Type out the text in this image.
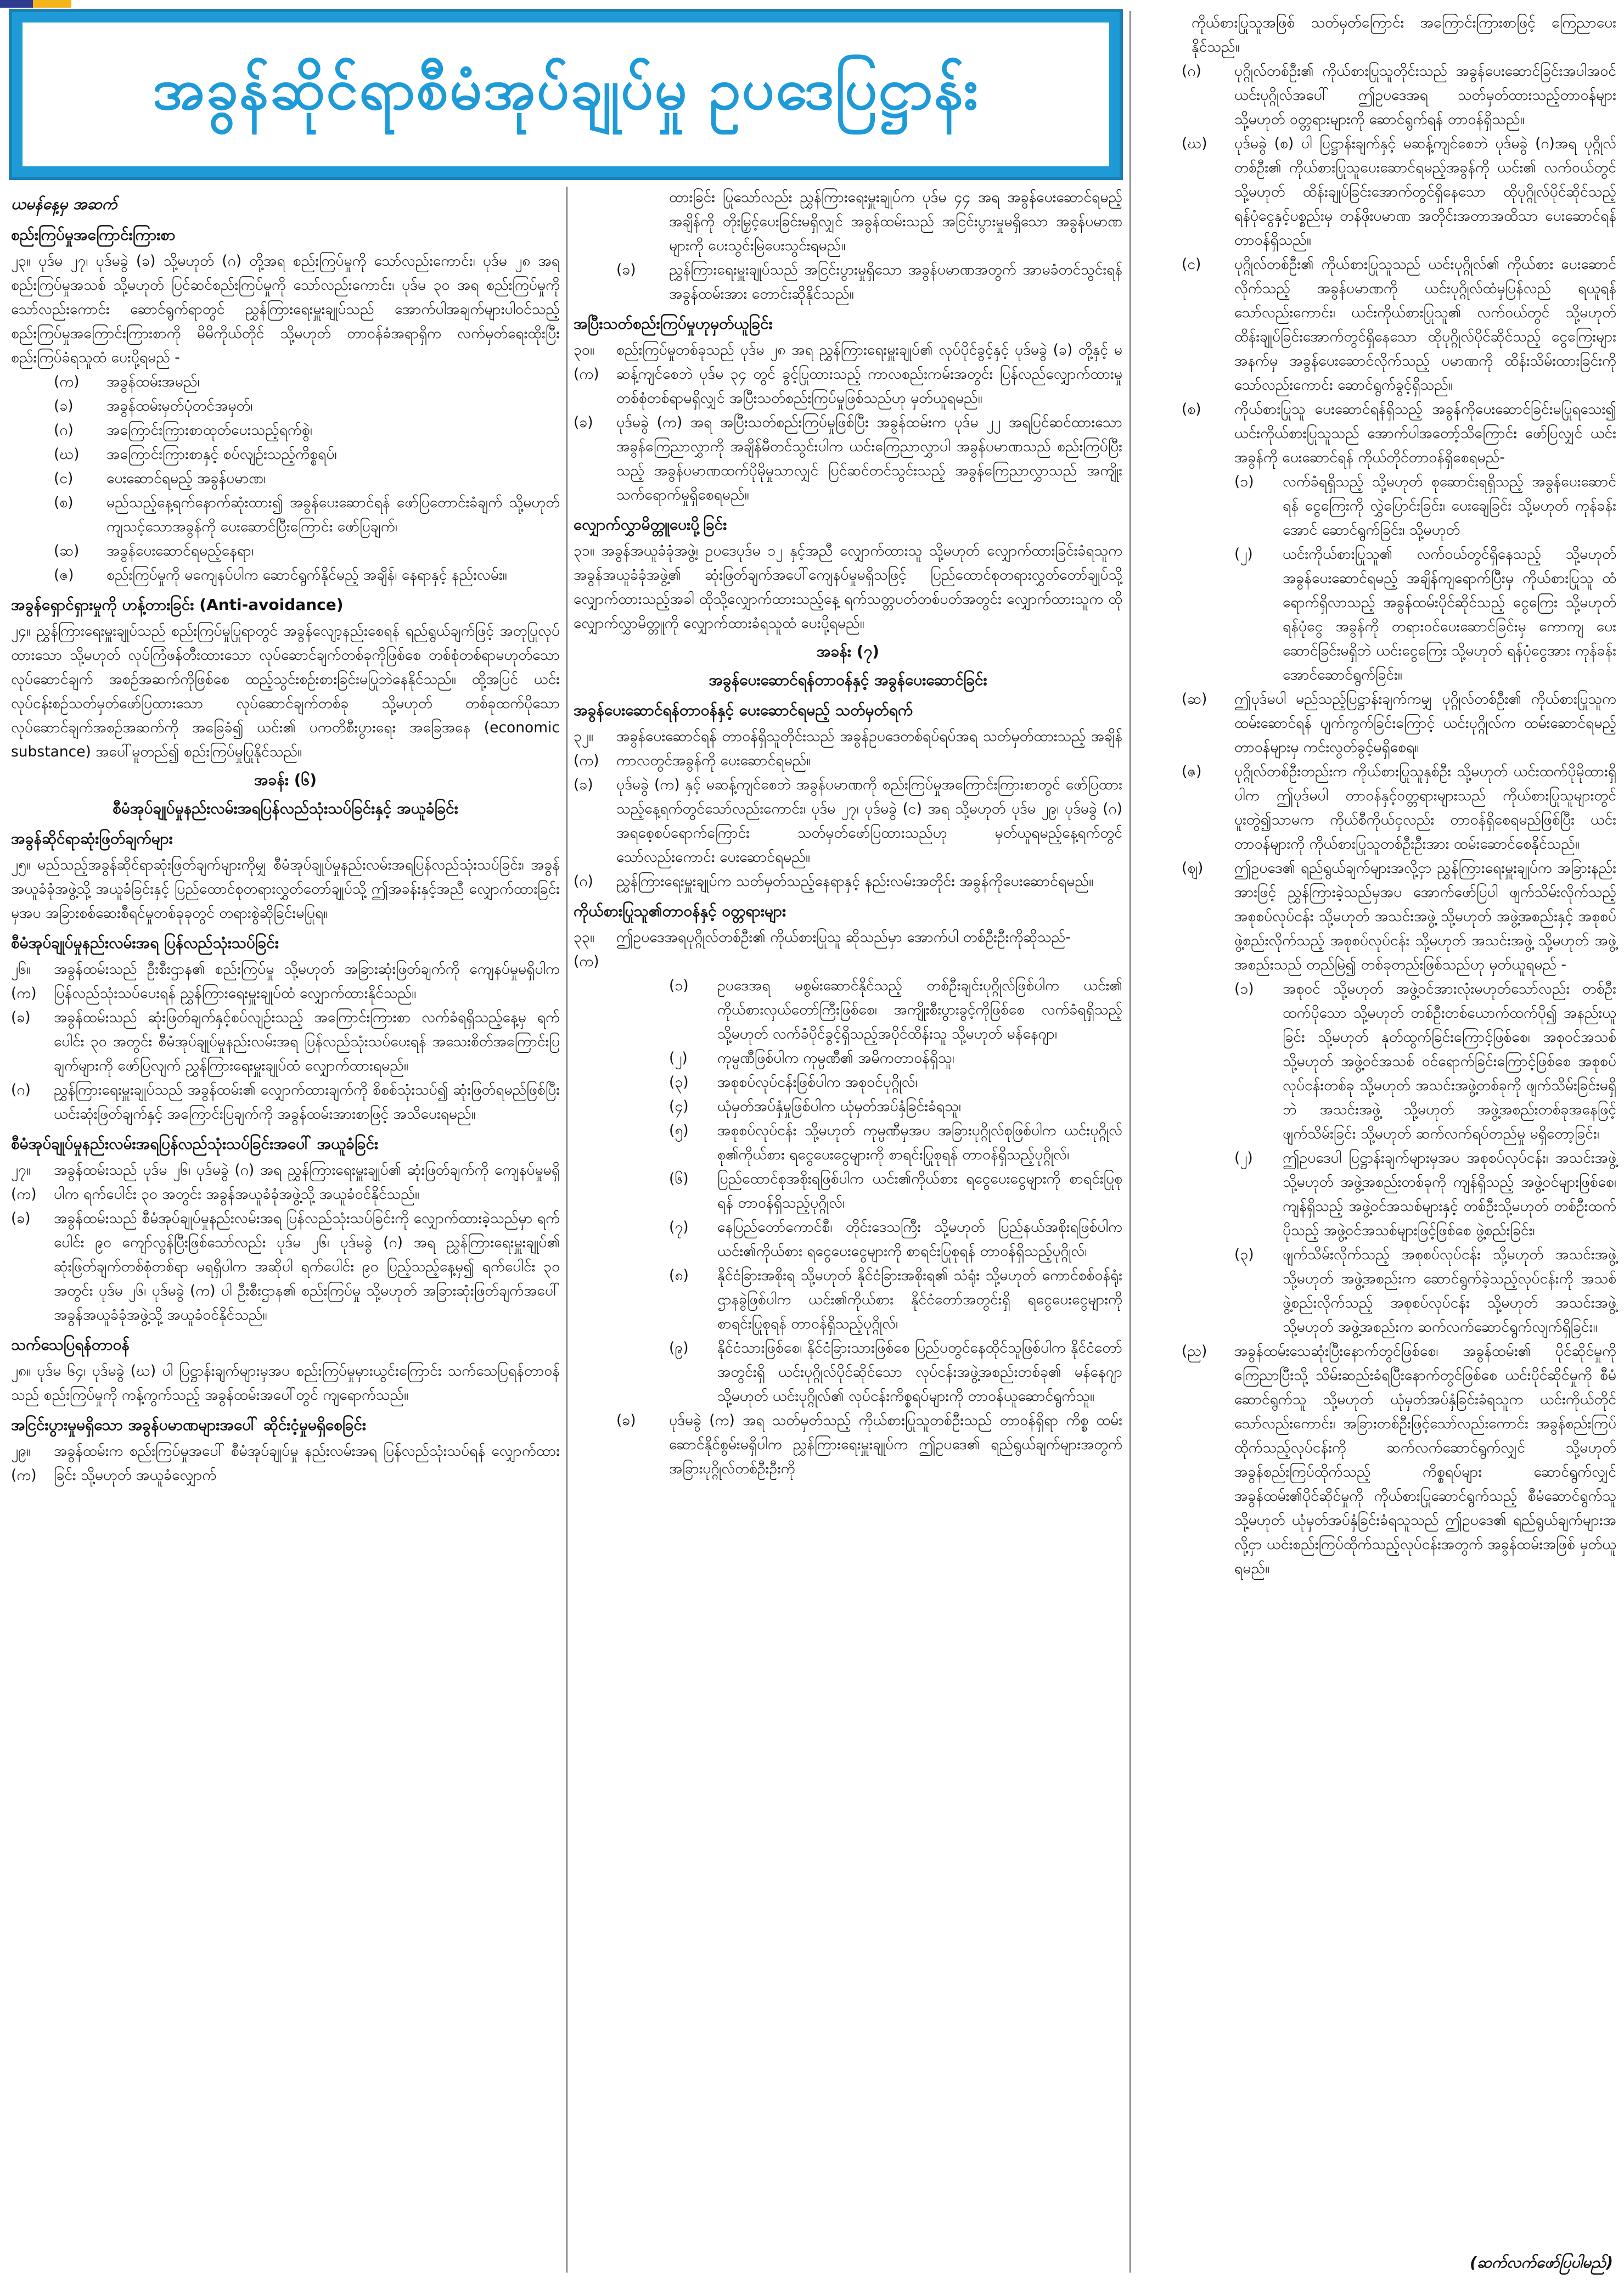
အခွန်ဆိုင်ရာစီမံအုပ်ချုပ်မှု ဥပဒေပြဋ္ဌာန်း

ယမန်နေ့မှ အဆက်

စည်းကြပ်မှုအကြောင်းကြားစာ

၂၃။ ပုဒ်မ ၂၇၊ ပုဒ်မခွဲ (ခ) သို့မဟုတ် (ဂ) တို့အရ စည်းကြပ်မှုကို သော်လည်းကောင်း၊ ပုဒ်မ ၂၈ အရ စည်းကြပ်မှုအသစ် သို့မဟုတ် ပြင်ဆင်စည်းကြပ်မှုကို သော်လည်းကောင်း၊ ပုဒ်မ ၃၀ အရ စည်းကြပ်မှုကိုသော်လည်းကောင်း ဆောင်ရွက်ရာတွင် ညွှန်ကြားရေးမှူးချုပ်သည် အောက်ပါအချက်များပါဝင်သည့် စည်းကြပ်မှုအကြောင်းကြားစာကို မိမိကိုယ်တိုင် သို့မဟုတ် တာဝန်ခံအရာရှိက လက်မှတ်ရေးထိုးပြီး စည်းကြပ်ခံရသူထံ ပေးပို့ရမည် -

(က)	အခွန်ထမ်းအမည်၊
(ခ)	အခွန်ထမ်းမှတ်ပုံတင်အမှတ်၊
(ဂ)	အကြောင်းကြားစာထုတ်ပေးသည့်ရက်စွဲ၊
(ဃ)	အကြောင်းကြားစာနှင့် စပ်လျဉ်းသည့်ကိစ္စရပ်၊
(င)	ပေးဆောင်ရမည့် အခွန်ပမာဏ၊
(စ)	မည်သည့်နေ့ရက်နောက်ဆုံးထား၍ အခွန်ပေးဆောင်ရန် ဖော်ပြတောင်းခံချက် သို့မဟုတ် ကျသင့်သောအခွန်ကို ပေးဆောင်ပြီးကြောင်း ဖော်ပြချက်၊
(ဆ)	အခွန်ပေးဆောင်ရမည့်နေရာ၊
(ဇ)	စည်းကြပ်မှုကို မကျေနပ်ပါက ဆောင်ရွက်နိုင်မည့် အချိန်၊ နေရာနှင့် နည်းလမ်း။

အခွန်ရှောင်ရှားမှုကို ဟန့်တားခြင်း (Anti-avoidance)

၂၄။ ညွှန်ကြားရေးမှူးချုပ်သည် စည်းကြပ်မှုပြုရာတွင် အခွန်လျော့နည်းစေရန် ရည်ရွယ်ချက်ဖြင့် အတုပြုလုပ်ထားသော သို့မဟုတ် လုပ်ကြံဖန်တီးထားသော လုပ်ဆောင်ချက်တစ်ခုကိုဖြစ်စေ တစ်စုံတစ်ရာမဟုတ်သော လုပ်ဆောင်ချက် အစဉ်အဆက်ကိုဖြစ်စေ ထည့်သွင်းစဉ်းစားခြင်းမပြုဘဲနေနိုင်သည်။ ထို့အပြင် ယင်းလုပ်ငန်းစဉ်သတ်မှတ်ဖော်ပြထားသော လုပ်ဆောင်ချက်တစ်ခု သို့မဟုတ် တစ်ခုထက်ပိုသော လုပ်ဆောင်ချက်အစဉ်အဆက်ကို အခြေခံ၍ ယင်း၏ ပကတိစီးပွားရေး အခြေအနေ (economic substance) အပေါ်မူတည်၍ စည်းကြပ်မှုပြုနိုင်သည်။

အခန်း (၆)

စီမံအုပ်ချုပ်မှုနည်းလမ်းအရပြန်လည်သုံးသပ်ခြင်းနှင့် အယူခံခြင်း

အခွန်ဆိုင်ရာဆုံးဖြတ်ချက်များ

၂၅။ မည်သည့်အခွန်ဆိုင်ရာဆုံးဖြတ်ချက်များကိုမျှ စီမံအုပ်ချုပ်မှုနည်းလမ်းအရပြန်လည်သုံးသပ်ခြင်း၊ အခွန်အယူခံခုံအဖွဲ့သို့ အယူခံခြင်းနှင့် ပြည်ထောင်စုတရားလွှတ်တော်ချုပ်သို့ ဤအခန်းနှင့်အညီ လျှောက်ထားခြင်းမှအပ အခြားစစ်ဆေးစီရင်မှုတစ်ခုခုတွင် တရားစွဲဆိုခြင်းမပြုရ။

စီမံအုပ်ချုပ်မှုနည်းလမ်းအရ ပြန်လည်သုံးသပ်ခြင်း

၂၆။ (က)
အခွန်ထမ်းသည် ဦးစီးဌာန၏ စည်းကြပ်မှု သို့မဟုတ် အခြားဆုံးဖြတ်ချက်ကို ကျေနပ်မှုမရှိပါက ပြန်လည်သုံးသပ်ပေးရန် ညွှန်ကြားရေးမှူးချုပ်ထံ လျှောက်ထားနိုင်သည်။
(ခ)	အခွန်ထမ်းသည် ဆုံးဖြတ်ချက်နှင့်စပ်လျဉ်းသည့် အကြောင်းကြားစာ လက်ခံရရှိသည့်နေ့မှ ရက်ပေါင်း ၃၀ အတွင်း စီမံအုပ်ချုပ်မှုနည်းလမ်းအရ ပြန်လည်သုံးသပ်ပေးရန် အသေးစိတ်အကြောင်းပြချက်များကို ဖော်ပြလျက် ညွှန်ကြားရေးမှူးချုပ်ထံ လျှောက်ထားရမည်။
(ဂ)	ညွှန်ကြားရေးမှူးချုပ်သည် အခွန်ထမ်း၏ လျှောက်ထားချက်ကို စိစစ်သုံးသပ်၍ ဆုံးဖြတ်ရမည်ဖြစ်ပြီး ယင်းဆုံးဖြတ်ချက်နှင့် အကြောင်းပြချက်ကို အခွန်ထမ်းအားစာဖြင့် အသိပေးရမည်။

စီမံအုပ်ချုပ်မှုနည်းလမ်းအရပြန်လည်သုံးသပ်ခြင်းအပေါ် အယူခံခြင်း

၂၇။ (က)
အခွန်ထမ်းသည် ပုဒ်မ ၂၆၊ ပုဒ်မခွဲ (ဂ) အရ ညွှန်ကြားရေးမှူးချုပ်၏ ဆုံးဖြတ်ချက်ကို ကျေနပ်မှုမရှိပါက ရက်ပေါင်း ၃၀ အတွင်း အခွန်အယူခံခုံအဖွဲ့သို့ အယူခံဝင်နိုင်သည်။
(ခ)	အခွန်ထမ်းသည် စီမံအုပ်ချုပ်မှုနည်းလမ်းအရ ပြန်လည်သုံးသပ်ခြင်းကို လျှောက်ထားခဲ့သည်မှာ ရက်ပေါင်း ၉၀ ကျော်လွန်ပြီးဖြစ်သော်လည်း ပုဒ်မ ၂၆၊ ပုဒ်မခွဲ (ဂ) အရ ညွှန်ကြားရေးမှူးချုပ်၏ ဆုံးဖြတ်ချက်တစ်စုံတစ်ရာ မရရှိပါက အဆိုပါ ရက်ပေါင်း ၉၀ ပြည့်သည့်နေ့မှ၍ ရက်ပေါင်း ၃၀ အတွင်း ပုဒ်မ ၂၆၊ ပုဒ်မခွဲ (က) ပါ ဦးစီးဌာန၏ စည်းကြပ်မှု သို့မဟုတ် အခြားဆုံးဖြတ်ချက်အပေါ် အခွန်အယူခံခုံအဖွဲ့သို့ အယူခံဝင်နိုင်သည်။

သက်သေပြရန်တာဝန်

၂၈။ ပုဒ်မ ၆၄၊ ပုဒ်မခွဲ (ဃ) ပါ ပြဋ္ဌာန်းချက်များမှအပ စည်းကြပ်မှုမှားယွင်းကြောင်း သက်သေပြရန်တာဝန်သည် စည်းကြပ်မှုကို ကန့်ကွက်သည့် အခွန်ထမ်းအပေါ်တွင် ကျရောက်သည်။

အငြင်းပွားမှုမရှိသော အခွန်ပမာဏများအပေါ် ဆိုင်းငံ့မှုမရှိစေခြင်း

၂၉။ (က)
အခွန်ထမ်းက စည်းကြပ်မှုအပေါ် စီမံအုပ်ချုပ်မှု နည်းလမ်းအရ ပြန်လည်သုံးသပ်ရန် လျှောက်ထားခြင်း သို့မဟုတ် အယူခံလျှောက်

ထားခြင်း ပြုသော်လည်း ညွှန်ကြားရေးမှူးချုပ်က ပုဒ်မ ၄၄ အရ အခွန်ပေးဆောင်ရမည့်အချိန်ကို တိုးမြှင့်ပေးခြင်းမရှိလျှင် အခွန်ထမ်းသည် အငြင်းပွားမှုမရှိသော အခွန်ပမာဏများကို ပေးသွင်းမြဲပေးသွင်းရမည်။

(ခ)	ညွှန်ကြားရေးမှူးချုပ်သည် အငြင်းပွားမှုရှိသော အခွန်ပမာဏအတွက် အာမခံတင်သွင်းရန် အခွန်ထမ်းအား တောင်းဆိုနိုင်သည်။

အပြီးသတ်စည်းကြပ်မှုဟုမှတ်ယူခြင်း

၃၀။ (က)
စည်းကြပ်မှုတစ်ခုသည် ပုဒ်မ ၂၈ အရ ညွှန်ကြားရေးမှူးချုပ်၏ လုပ်ပိုင်ခွင့်နှင့် ပုဒ်မခွဲ (ခ) တို့နှင့် မဆန့်ကျင်စေဘဲ ပုဒ်မ ၃၄ တွင် ခွင့်ပြုထားသည့် ကာလစည်းကမ်းအတွင်း ပြန်လည်လျှောက်ထားမှုတစ်စုံတစ်ရာမရှိလျှင် အပြီးသတ်စည်းကြပ်မှုဖြစ်သည်ဟု မှတ်ယူရမည်။
(ခ)	ပုဒ်မခွဲ (က) အရ အပြီးသတ်စည်းကြပ်မှုဖြစ်ပြီး အခွန်ထမ်းက ပုဒ်မ ၂၂ အရပြင်ဆင်ထားသော အခွန်ကြေညာလွှာကို အချိန်မီတင်သွင်းပါက ယင်းကြေညာလွှာပါ အခွန်ပမာဏသည် စည်းကြပ်ပြီးသည့် အခွန်ပမာဏထက်ပိုမိုမှုသာလျှင် ပြင်ဆင်တင်သွင်းသည့် အခွန်ကြေညာလွှာသည် အကျိုးသက်ရောက်မှုရှိစေရမည်။

လျှောက်လွှာမိတ္တူပေးပို့ခြင်း

၃၁။ အခွန်အယူခံခုံအဖွဲ့၊ ဥပဒေပုဒ်မ ၁၂ နှင့်အညီ လျှောက်ထားသူ သို့မဟုတ် လျှောက်ထားခြင်းခံရသူက အခွန်အယူခံခုံအဖွဲ့၏ ဆုံးဖြတ်ချက်အပေါ်ကျေနပ်မှုမရှိသဖြင့် ပြည်ထောင်စုတရားလွှတ်တော်ချုပ်သို့ လျှောက်ထားသည့်အခါ ထိုသို့လျှောက်ထားသည့်နေ့ ရက်သတ္တပတ်တစ်ပတ်အတွင်း လျှောက်ထားသူက ထိုလျှောက်လွှာမိတ္တူကို လျှောက်ထားခံရသူထံ ပေးပို့ရမည်။

အခန်း (၇)

အခွန်ပေးဆောင်ရန်တာဝန်နှင့် အခွန်ပေးဆောင်ခြင်း

အခွန်ပေးဆောင်ရန်တာဝန်နှင့် ပေးဆောင်ရမည့် သတ်မှတ်ရက်

၃၂။ (က)
အခွန်ပေးဆောင်ရန် တာဝန်ရှိသူတိုင်းသည် အခွန်ဥပဒေတစ်ရပ်ရပ်အရ သတ်မှတ်ထားသည့် အချိန်ကာလတွင်အခွန်ကို ပေးဆောင်ရမည်။
(ခ)	ပုဒ်မခွဲ (က) နှင့် မဆန့်ကျင်စေဘဲ အခွန်ပမာဏကို စည်းကြပ်မှုအကြောင်းကြားစာတွင် ဖော်ပြထားသည့်နေ့ရက်တွင်သော်လည်းကောင်း၊ ပုဒ်မ ၂၇၊ ပုဒ်မခွဲ (င) အရ သို့မဟုတ် ပုဒ်မ ၂၉၊ ပုဒ်မခွဲ (ဂ) အရစေ့စပ်ရောက်ကြောင်း သတ်မှတ်ဖော်ပြထားသည်ဟု မှတ်ယူရမည့်နေ့ရက်တွင်သော်လည်းကောင်း ပေးဆောင်ရမည်။
(ဂ)	ညွှန်ကြားရေးမှူးချုပ်က သတ်မှတ်သည့်နေရာနှင့် နည်းလမ်းအတိုင်း အခွန်ကိုပေးဆောင်ရမည်။

ကိုယ်စားပြုသူ၏တာဝန်နှင့် ဝတ္တရားများ

၃၃။ (က)
ဤဥပဒေအရပုဂ္ဂိုလ်တစ်ဦး၏ ကိုယ်စားပြုသူ ဆိုသည်မှာ အောက်ပါ တစ်ဦးဦးကိုဆိုသည်-
(၁)	ဥပဒေအရ မစွမ်းဆောင်နိုင်သည့် တစ်ဦးချင်းပုဂ္ဂိုလ်ဖြစ်ပါက ယင်း၏ ကိုယ်စားလှယ်တော်ကြီးဖြစ်စေ၊ အကျိုးစီးပွားခွင့်ကိုဖြစ်စေ လက်ခံရရှိသည့် သို့မဟုတ် လက်ခံပိုင်ခွင့်ရှိသည့်အပိုင်ထိန်းသူ သို့မဟုတ် မန်နေဂျာ၊
(၂)	ကုမ္ပဏီဖြစ်ပါက ကုမ္ပဏီ၏ အမိကတာဝန်ရှိသူ၊
(၃)	အစုစပ်လုပ်ငန်းဖြစ်ပါက အစုဝင်ပုဂ္ဂိုလ်၊
(၄)	ယုံမှတ်အပ်နှံမှုဖြစ်ပါက ယုံမှတ်အပ်နှံခြင်းခံရသူ၊
(၅)	အစုစပ်လုပ်ငန်း သို့မဟုတ် ကုမ္ပဏီမှအပ အခြားပုဂ္ဂိုလ်စုဖြစ်ပါက ယင်းပုဂ္ဂိုလ်စု၏ကိုယ်စား ရငွေပေးငွေများကို စာရင်းပြုစုရန် တာဝန်ရှိသည့်ပုဂ္ဂိုလ်၊
(၆)	ပြည်ထောင်စုအစိုးရဖြစ်ပါက ယင်း၏ကိုယ်စား ရငွေပေးငွေများကို စာရင်းပြုစုရန် တာဝန်ရှိသည့်ပုဂ္ဂိုလ်၊
(၇)	နေပြည်တော်ကောင်စီ၊ တိုင်းဒေသကြီး သို့မဟုတ် ပြည်နယ်အစိုးရဖြစ်ပါက ယင်း၏ကိုယ်စား ရငွေပေးငွေများကို စာရင်းပြုစုရန် တာဝန်ရှိသည့်ပုဂ္ဂိုလ်၊
(၈)	နိုင်ငံခြားအစိုးရ သို့မဟုတ် နိုင်ငံခြားအစိုးရ၏ သံရုံး သို့မဟုတ် ကောင်စစ်ဝန်ရုံးဌာနခွဲဖြစ်ပါက ယင်း၏ကိုယ်စား နိုင်ငံတော်အတွင်းရှိ ရငွေပေးငွေများကို စာရင်းပြုစုရန် တာဝန်ရှိသည့်ပုဂ္ဂိုလ်၊
(၉)	နိုင်ငံသားဖြစ်စေ၊ နိုင်ငံခြားသားဖြစ်စေ ပြည်ပတွင်နေထိုင်သူဖြစ်ပါက နိုင်ငံတော်အတွင်းရှိ ယင်းပုဂ္ဂိုလ်ပိုင်ဆိုင်သော လုပ်ငန်းအဖွဲ့အစည်းတစ်ခု၏ မန်နေဂျာ သို့မဟုတ် ယင်းပုဂ္ဂိုလ်၏ လုပ်ငန်းကိစ္စရပ်များကို တာဝန်ယူဆောင်ရွက်သူ။
(ခ)	ပုဒ်မခွဲ (က) အရ သတ်မှတ်သည့် ကိုယ်စားပြုသူတစ်ဦးသည် တာဝန်ရှိရာ ကိစ္စ ထမ်းဆောင်နိုင်စွမ်းမရှိပါက ညွှန်ကြားရေးမှူးချုပ်က ဤဥပဒေ၏ ရည်ရွယ်ချက်များအတွက် အခြားပုဂ္ဂိုလ်တစ်ဦးဦးကို

ကိုယ်စားပြုသူအဖြစ် သတ်မှတ်ကြောင်း အကြောင်းကြားစာဖြင့် ကြေညာပေးနိုင်သည်။

(ဂ)	ပုဂ္ဂိုလ်တစ်ဦး၏ ကိုယ်စားပြုသူတိုင်းသည် အခွန်ပေးဆောင်ခြင်းအပါအဝင် ယင်းပုဂ္ဂိုလ်အပေါ် ဤဥပဒေအရ သတ်မှတ်ထားသည့်တာဝန်များ သို့မဟုတ် ဝတ္တရားများကို ဆောင်ရွက်ရန် တာဝန်ရှိသည်။
(ဃ)	ပုဒ်မခွဲ (စ) ပါ ပြဋ္ဌာန်းချက်နှင့် မဆန့်ကျင်စေဘဲ ပုဒ်မခွဲ (ဂ)အရ ပုဂ္ဂိုလ်တစ်ဦး၏ ကိုယ်စားပြုသူပေးဆောင်ရမည့်အခွန်ကို ယင်း၏ လက်ဝယ်တွင် သို့မဟုတ် ထိန်းချုပ်ခြင်းအောက်တွင်ရှိနေသော ထိုပုဂ္ဂိုလ်ပိုင်ဆိုင်သည့် ရန်ပုံငွေနှင့်ပစ္စည်းမှ တန်ဖိုးပမာဏ အတိုင်းအတာအထိသာ ပေးဆောင်ရန်တာဝန်ရှိသည်။
(င)	ပုဂ္ဂိုလ်တစ်ဦး၏ ကိုယ်စားပြုသူသည် ယင်းပုဂ္ဂိုလ်၏ ကိုယ်စား ပေးဆောင်လိုက်သည့် အခွန်ပမာဏကို ယင်းပုဂ္ဂိုလ်ထံမှပြန်လည် ရယူရန်သော်လည်းကောင်း၊ ယင်းကိုယ်စားပြုသူ၏ လက်ဝယ်တွင် သို့မဟုတ် ထိန်းချုပ်ခြင်းအောက်တွင်ရှိနေသော ထိုပုဂ္ဂိုလ်ပိုင်ဆိုင်သည့် ငွေကြေးများအနက်မှ အခွန်ပေးဆောင်လိုက်သည့် ပမာဏကို ထိန်းသိမ်းထားခြင်းကိုသော်လည်းကောင်း ဆောင်ရွက်ခွင့်ရှိသည်။
(စ)	ကိုယ်စားပြုသူ ပေးဆောင်ရန်ရှိသည့် အခွန်ကိုပေးဆောင်ခြင်းမပြုရသေး၍ ယင်းကိုယ်စားပြုသူသည် အောက်ပါအတော့်သိကြောင်း ဖော်ပြလျှင် ယင်းအခွန်ကို ပေးဆောင်ရန် ကိုယ်တိုင်တာဝန်ရှိစေရမည်-
(၁)	လက်ခံရရှိသည့် သို့မဟုတ် စုဆောင်းရရှိသည့် အခွန်ပေးဆောင်ရန် ငွေကြေးကို လွှဲပြောင်းခြင်း၊ ပေးချေခြင်း သို့မဟုတ် ကုန်ခန်းအောင် ဆောင်ရွက်ခြင်း၊ သို့မဟုတ်
(၂)	ယင်းကိုယ်စားပြုသူ၏ လက်ဝယ်တွင်ရှိနေသည့် သို့မဟုတ် အခွန်ပေးဆောင်ရမည့် အချိန်ကျရောက်ပြီးမှ ကိုယ်စားပြုသူ ထံရောက်ရှိလာသည့် အခွန်ထမ်းပိုင်ဆိုင်သည့် ငွေကြေး သို့မဟုတ် ရန်ပုံငွေ အခွန်ကို တရားဝင်ပေးဆောင်ခြင်းမှ ကောကျ ပေးဆောင်ခြင်းမရှိဘဲ ယင်းငွေကြေး သို့မဟုတ် ရန်ပုံငွေအား ကုန်ခန်းအောင်ဆောင်ရွက်ခြင်း။
(ဆ)	ဤပုဒ်မပါ မည်သည့်ပြဋ္ဌာန်းချက်ကမျှ ပုဂ္ဂိုလ်တစ်ဦး၏ ကိုယ်စားပြုသူက ထမ်းဆောင်ရန် ပျက်ကွက်ခြင်းကြောင့် ယင်းပုဂ္ဂိုလ်က ထမ်းဆောင်ရမည့် တာဝန်များမှ ကင်းလွတ်ခွင့်မရှိစေရ။
(ဇ)	ပုဂ္ဂိုလ်တစ်ဦးတည်းက ကိုယ်စားပြုသူနှစ်ဦး သို့မဟုတ် ယင်းထက်ပိုမိုထားရှိပါက ဤပုဒ်မပါ တာဝန်နှင့်ဝတ္တရားများသည် ကိုယ်စားပြုသူများတွင် ပူးတွဲ၍သာမက ကိုယ်စီကိုယ်ငှလည်း တာဝန်ရှိစေရမည်ဖြစ်ပြီး ယင်းတာဝန်များကို ကိုယ်စားပြုသူတစ်ဦးဦးအား ထမ်းဆောင်စေနိုင်သည်။
(ဈ)	ဤဥပဒေ၏ ရည်ရွယ်ချက်များအလို့ငှာ ညွှန်ကြားရေးမှူးချုပ်က အခြားနည်းအားဖြင့် ညွှန်ကြားခဲ့သည်မှအပ အောက်ဖော်ပြပါ ဖျက်သိမ်းလိုက်သည့် အစုစပ်လုပ်ငန်း သို့မဟုတ် အသင်းအဖွဲ့ သို့မဟုတ် အဖွဲ့အစည်းနှင့် အစုစပ်ဖွဲ့စည်းလိုက်သည့် အစုစပ်လုပ်ငန်း သို့မဟုတ် အသင်းအဖွဲ့ သို့မဟုတ် အဖွဲ့အစည်းသည် တည်မြဲ၍ တစ်ခုတည်းဖြစ်သည်ဟု မှတ်ယူရမည် -
(၁)	အစုဝင် သို့မဟုတ် အဖွဲ့ဝင်အားလုံးမဟုတ်သော်လည်း တစ်ဦးထက်ပိုသော သို့မဟုတ် တစ်ဦးတစ်ယောက်ထက်ပို၍ အနည်းယူခြင်း သို့မဟုတ် နုတ်ထွက်ခြင်းကြောင့်ဖြစ်စေ၊ အစုဝင်အသစ် သို့မဟုတ် အဖွဲ့ဝင်အသစ် ဝင်ရောက်ခြင်းကြောင့်ဖြစ်စေ အစုစပ်လုပ်ငန်းတစ်ခု သို့မဟုတ် အသင်းအဖွဲ့တစ်ခုကို ဖျက်သိမ်းခြင်းမရှိဘဲ အသင်းအဖွဲ့ သို့မဟုတ် အဖွဲ့အစည်းတစ်ခုအနေဖြင့် ဖျက်သိမ်းခြင်း သို့မဟုတ် ဆက်လက်ရပ်တည်မှု မရှိတော့ခြင်း၊
(၂)	ဤဥပဒေပါ ပြဋ္ဌာန်းချက်များမှအပ အစုစပ်လုပ်ငန်း၊ အသင်းအဖွဲ့ သို့မဟုတ် အဖွဲ့အစည်းတစ်ခုကို ကျန်ရှိသည့် အဖွဲ့ဝင်များဖြစ်စေ၊ ကျန်ရှိသည့် အဖွဲ့ဝင်အသစ်များနှင့် တစ်ဦးသို့မဟုတ် တစ်ဦးထက်ပိုသည့် အဖွဲ့ဝင်အသစ်များဖြင့်ဖြစ်စေ ဖွဲ့စည်းခြင်း၊
(၃)	ဖျက်သိမ်းလိုက်သည့် အစုစပ်လုပ်ငန်း သို့မဟုတ် အသင်းအဖွဲ့ သို့မဟုတ် အဖွဲ့အစည်းက ဆောင်ရွက်ခဲ့သည့်လုပ်ငန်းကို အသစ်ဖွဲ့စည်းလိုက်သည့် အစုစပ်လုပ်ငန်း သို့မဟုတ် အသင်းအဖွဲ့ သို့မဟုတ် အဖွဲ့အစည်းက ဆက်လက်ဆောင်ရွက်လျက်ရှိခြင်း။
(ည)	အခွန်ထမ်းသေဆုံးပြီးနောက်တွင်ဖြစ်စေ၊ အခွန်ထမ်း၏ ပိုင်ဆိုင်မှုကို ကြေညာပြီးသို့ သိမ်းဆည်းခံရပြီးနောက်တွင်ဖြစ်စေ ယင်းပိုင်ဆိုင်မှုကို စီမံဆောင်ရွက်သူ သို့မဟုတ် ယုံမှတ်အပ်နှံခြင်းခံရသူက ယင်းကိုယ်တိုင်သော်လည်းကောင်း၊ အခြားတစ်ဦးဖြင့်သော်လည်းကောင်း အခွန်စည်းကြပ်ထိုက်သည့်လုပ်ငန်းကို ဆက်လက်ဆောင်ရွက်လျှင် သို့မဟုတ် အခွန်စည်းကြပ်ထိုက်သည့် ကိစ္စရပ်များ ဆောင်ရွက်လျှင် အခွန်ထမ်း၏ပိုင်ဆိုင်မှုကို ကိုယ်စားပြုဆောင်ရွက်သည့် စီမံဆောင်ရွက်သူ သို့မဟုတ် ယုံမှတ်အပ်နှံခြင်းခံရသူသည် ဤဥပဒေ၏ ရည်ရွယ်ချက်များအလို့ငှာ ယင်းစည်းကြပ်ထိုက်သည့်လုပ်ငန်းအတွက် အခွန်ထမ်းအဖြစ် မှတ်ယူရမည်။
(ဆက်လက်ဖော်ပြပါမည်)
